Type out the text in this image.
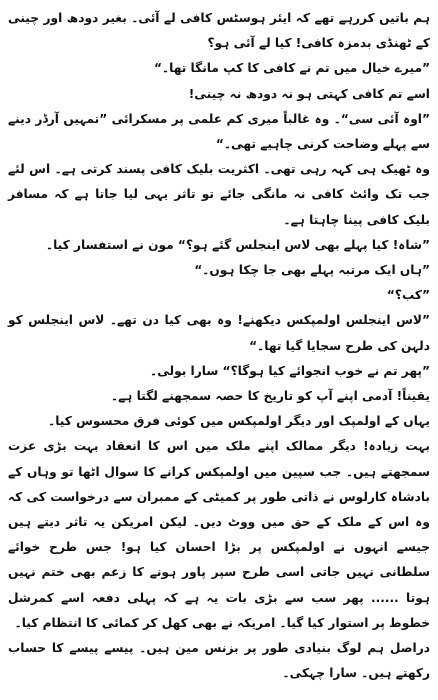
ہم باتیں کررہے تھے کہ ایئر ہوسٹس کافی لے آئی۔ بغیر دودھ اور چینی کے ٹھنڈی بدمزہ کافی! کیا لے آئی ہو؟

”میرے خیال میں تم نے کافی کا کپ مانگا تھا۔“

اسے تم کافی کہتی ہو نہ دودھ نہ چینی!

”اوہ آئی سی“۔ وہ غالباً میری کم علمی پر مسکرائی ”تمہیں آرڈر دینے سے پہلے وضاحت کرنی چاہیے تھی۔“

وہ ٹھیک ہی کہہ رہی تھی۔ اکثریت بلیک کافی پسند کرتی ہے۔ اس لئے جب تک وائٹ کافی نہ مانگی جائے تو تاثر یہی لیا جاتا ہے کہ مسافر بلیک کافی پینا چاہتا ہے۔

”شاہ! کیا پہلے بھی لاس اینجلس گئے ہو؟“ مون نے استفسار کیا۔

”ہاں ایک مرتبہ پہلے بھی جا چکا ہوں۔“

”کب؟“

”لاس اینجلس اولمپکس دیکھنے! وہ بھی کیا دن تھے۔ لاس اینجلس کو دلہن کی طرح سجایا گیا تھا۔“

”پھر تم نے خوب انجوائے کیا ہوگا؟“ سارا بولی۔

یقیناً! آدمی اپنے آپ کو تاریخ کا حصہ سمجھنے لگتا ہے۔

یہاں کے اولمپک اور دیگر اولمپکس میں کوئی فرق محسوس کیا۔

بہت زیادہ! دیگر ممالک اپنے ملک میں اس کا انعقاد بہت بڑی عزت سمجھتے ہیں۔ جب سپین میں اولمپکس کرانے کا سوال اٹھا تو وہاں کے بادشاہ کارلوس نے ذاتی طور پر کمیٹی کے ممبران سے درخواست کی کہ وہ اس کے ملک کے حق میں ووٹ دیں۔ لیکن امریکن یہ تاثر دیتے ہیں جیسے انہوں نے اولمپکس پر بڑا احسان کیا ہو! جس طرح خوائے سلطانی نہیں جاتی اسی طرح سپر پاور ہونے کا زعم بھی ختم نہیں ہوتا ...... پھر سب سے بڑی بات یہ ہے کہ پہلی دفعہ اسے کمرشل خطوط پر استوار کیا گیا۔ امریکہ نے بھی کھل کر کمائی کا انتظام کیا۔

دراصل ہم لوگ بنیادی طور پر بزنس مین ہیں۔ پیسے پیسے کا حساب رکھتے ہیں۔ سارا چہکی۔
